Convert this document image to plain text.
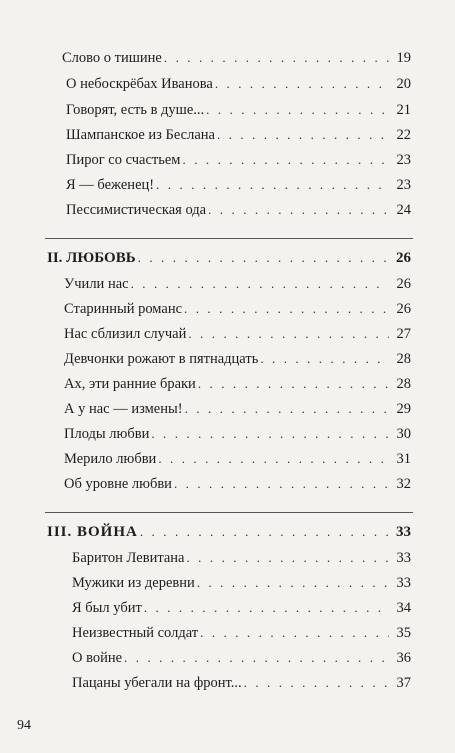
Слово о тишине . . .	19
О небоскрёбах Иванова . . .	20
Говорят, есть в душе... . . .	21
Шампанское из Беслана . . .	22
Пирог со счастьем . . .	23
Я — беженец! . . .	23
Пессимистическая ода . . .	24
II. ЛЮБОВЬ . . .	26
Учили нас . . .	26
Старинный романс . . .	26
Нас сблизил случай . . .	27
Девчонки рожают в пятнадцать . . .	28
Ах, эти ранние браки . . .	28
А у нас — измены! . . .	29
Плоды любви . . .	30
Мерило любви . . .	31
Об уровне любви . . .	32
III. ВОЙНА . . .	33
Баритон Левитана . . .	33
Мужики из деревни . . .	33
Я был убит . . .	34
Неизвестный солдат . . .	35
О войне . . .	36
Пацаны убегали на фронт... . . .	37
94
